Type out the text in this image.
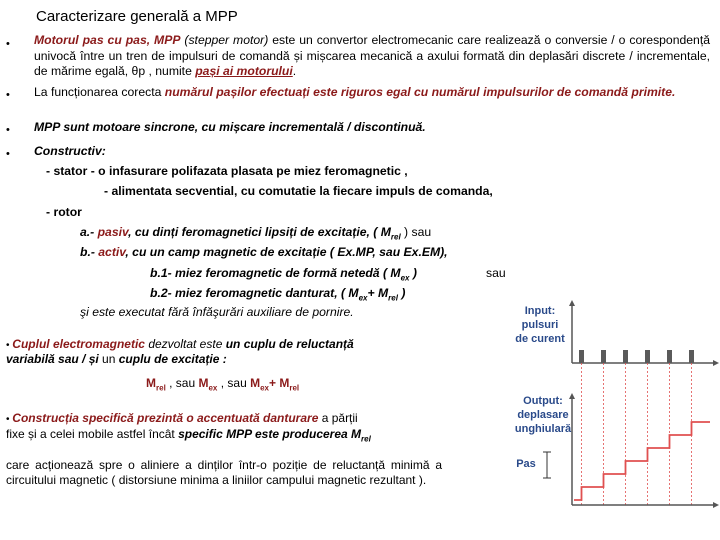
Caracterizare generală a MPP
• Motorul pas cu pas, MPP (stepper motor) este un convertor electromecanic care realizează o conversie / o corespondență univocă între un tren de impulsuri de comandă și mișcarea mecanică a axului formată din deplasări discrete / incrementale, de mărime egală, θp , numite pași ai motorului.
• La funcționarea corecta numărul pașilor efectuați este riguros egal cu numărul impulsurilor de comandă primite.
• MPP sunt motoare sincrone, cu mișcare incrementală / discontinuă.
• Constructiv:
- stator - o infasurare polifazata plasata pe miez feromagnetic ,
- alimentata secvential, cu comutatie la fiecare impuls de comanda,
- rotor
a.- pasiv, cu dinți feromagnetici lipsiți de excitație, ( $M_{rel}$ ) sau
b.- activ, cu un camp magnetic de excitație ( Ex.MP, sau Ex.EM),
b.1- miez feromagnetic de formă netedă ( $M_{ex}$ )	sau
b.2- miez feromagnetic danturat, ( $M_{ex}+ M_{rel}$ )
şi este executat fără înfăşurări auxiliare de pornire.
• Cuplul electromagnetic dezvoltat este un cuplu de reluctanță
variabilă sau / și un cuplu de excitație :
$M_{rel}$ , sau $M_{ex}$ , sau $M_{ex}+ M_{rel}$
• Construcția specifică prezintă o accentuată danturare a părții
fixe și a celei mobile astfel încât specific MPP este producerea $M_{rel}$
care acționează spre o aliniere a dinților într-o poziție de reluctanță minimă a circuitului magnetic ( distorsiune minima a liniilor campului magnetic rezultant ).
Input:
pulsuri
de curent
Output:
deplasare
unghiulară
Pas
